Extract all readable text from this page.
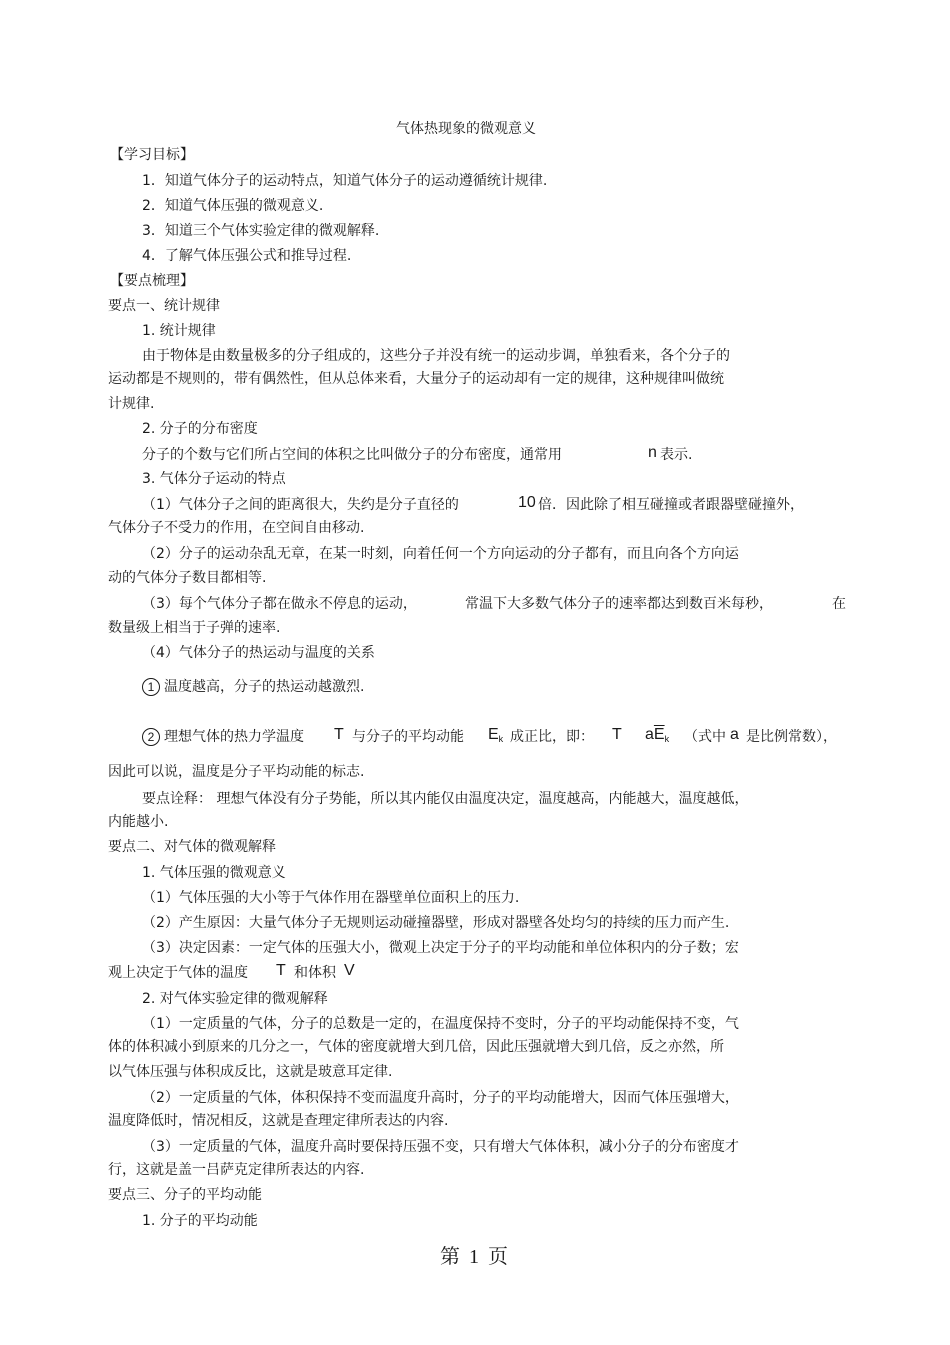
气体热现象的微观意义
【学习目标】
1．知道气体分子的运动特点，知道气体分子的运动遵循统计规律.
2．知道气体压强的微观意义.
3．知道三个气体实验定律的微观解释.
4．了解气体压强公式和推导过程.
【要点梳理】
要点一、统计规律
1. 统计规律
由于物体是由数量极多的分子组成的，这些分子并没有统一的运动步调，单独看来，各个分子的
运动都是不规则的，带有偶然性，但从总体来看，大量分子的运动却有一定的规律，这种规律叫做统
计规律.
2. 分子的分布密度
分子的个数与它们所占空间的体积之比叫做分子的分布密度，通常用	n 表示.
3. 气体分子运动的特点
（1）气体分子之间的距离很大，失约是分子直径的	10 倍．因此除了相互碰撞或者跟器壁碰撞外，
气体分子不受力的作用，在空间自由移动.
（2）分子的运动杂乱无章，在某一时刻，向着任何一个方向运动的分子都有，而且向各个方向运
动的气体分子数目都相等.
（3）每个气体分子都在做永不停息的运动，	常温下大多数气体分子的速率都达到数百米每秒，	在
数量级上相当于子弹的速率.
（4）气体分子的热运动与温度的关系
1 温度越高，分子的热运动越激烈.
2 理想气体的热力学温度 T 与分子的平均动能 $E_k$ 成正比，即： T $a\overline{E}_k$ （式中 a 是比例常数），
因此可以说，温度是分子平均动能的标志.
要点诠释： 理想气体没有分子势能，所以其内能仅由温度决定，温度越高，内能越大，温度越低，
内能越小.
要点二、对气体的微观解释
1. 气体压强的微观意义
（1）气体压强的大小等于气体作用在器壁单位面积上的压力.
（2）产生原因：大量气体分子无规则运动碰撞器壁，形成对器壁各处均匀的持续的压力而产生.
（3）决定因素：一定气体的压强大小，微观上决定于分子的平均动能和单位体积内的分子数；宏
观上决定于气体的温度 T 和体积 V
2. 对气体实验定律的微观解释
（1）一定质量的气体，分子的总数是一定的，在温度保持不变时，分子的平均动能保持不变，气
体的体积减小到原来的几分之一，气体的密度就增大到几倍，因此压强就增大到几倍，反之亦然，所
以气体压强与体积成反比，这就是玻意耳定律.
（2）一定质量的气体，体积保持不变而温度升高时，分子的平均动能增大，因而气体压强增大，
温度降低时，情况相反，这就是查理定律所表达的内容.
（3）一定质量的气体，温度升高时要保持压强不变，只有增大气体体积，减小分子的分布密度才
行，这就是盖一吕萨克定律所表达的内容.
要点三、分子的平均动能
1. 分子的平均动能
第 1 页
